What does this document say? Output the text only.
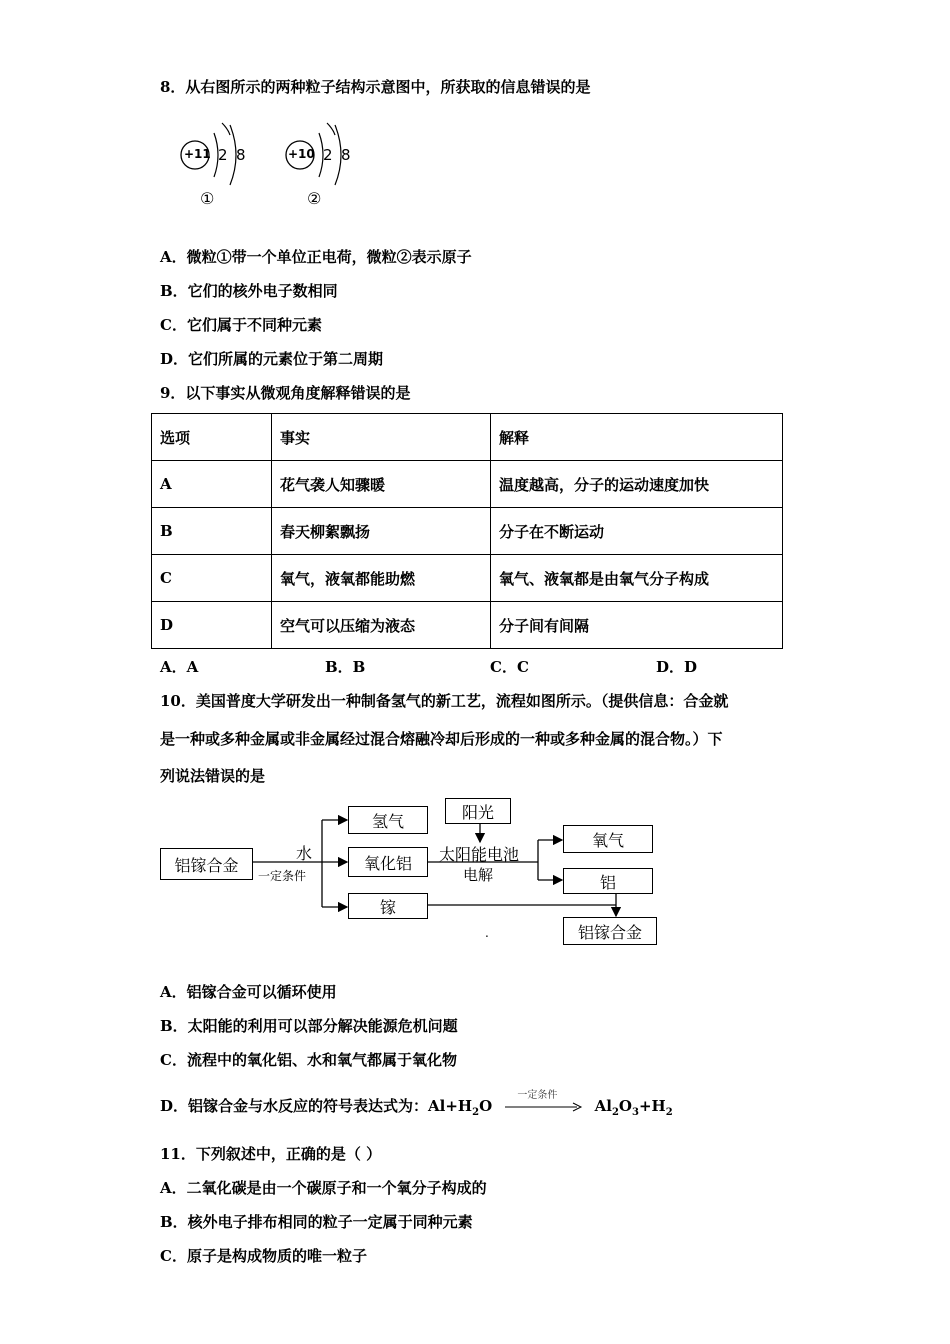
8．从右图所示的两种粒子结构示意图中，所获取的信息错误的是
+11 2 8
①
+10 2 8
②
A．微粒①带一个单位正电荷，微粒②表示原子
B．它们的核外电子数相同
C．它们属于不同种元素
D．它们所属的元素位于第二周期
9．以下事实从微观角度解释错误的是
选项	事实	解释
A	花气袭人知骤暖	温度越高，分子的运动速度加快
B	春天柳絮飘扬	分子在不断运动
C	氧气，液氧都能助燃	氧气、液氧都是由氧气分子构成
D	空气可以压缩为液态	分子间有间隔
A．A	B．B	C．C	D．D
10．美国普度大学研发出一种制备氢气的新工艺，流程如图所示。（提供信息：合金就
是一种或多种金属或非金属经过混合熔融冷却后形成的一种或多种金属的混合物。）下
列说法错误的是
铝镓合金
水
一定条件
氢气
氧化铝
镓
阳光
太阳能电池
电解
氧气
铝
铝镓合金
.
A．铝镓合金可以循环使用
B．太阳能的利用可以部分解决能源危机问题
C．流程中的氧化铝、水和氧气都属于氧化物
D．铝镓合金与水反应的符号表达式为：$Al+H_2O$
一定条件
$Al_2O_3+H_2$
11．下列叙述中，正确的是（ ）
A．二氧化碳是由一个碳原子和一个氧分子构成的
B．核外电子排布相同的粒子一定属于同种元素
C．原子是构成物质的唯一粒子
